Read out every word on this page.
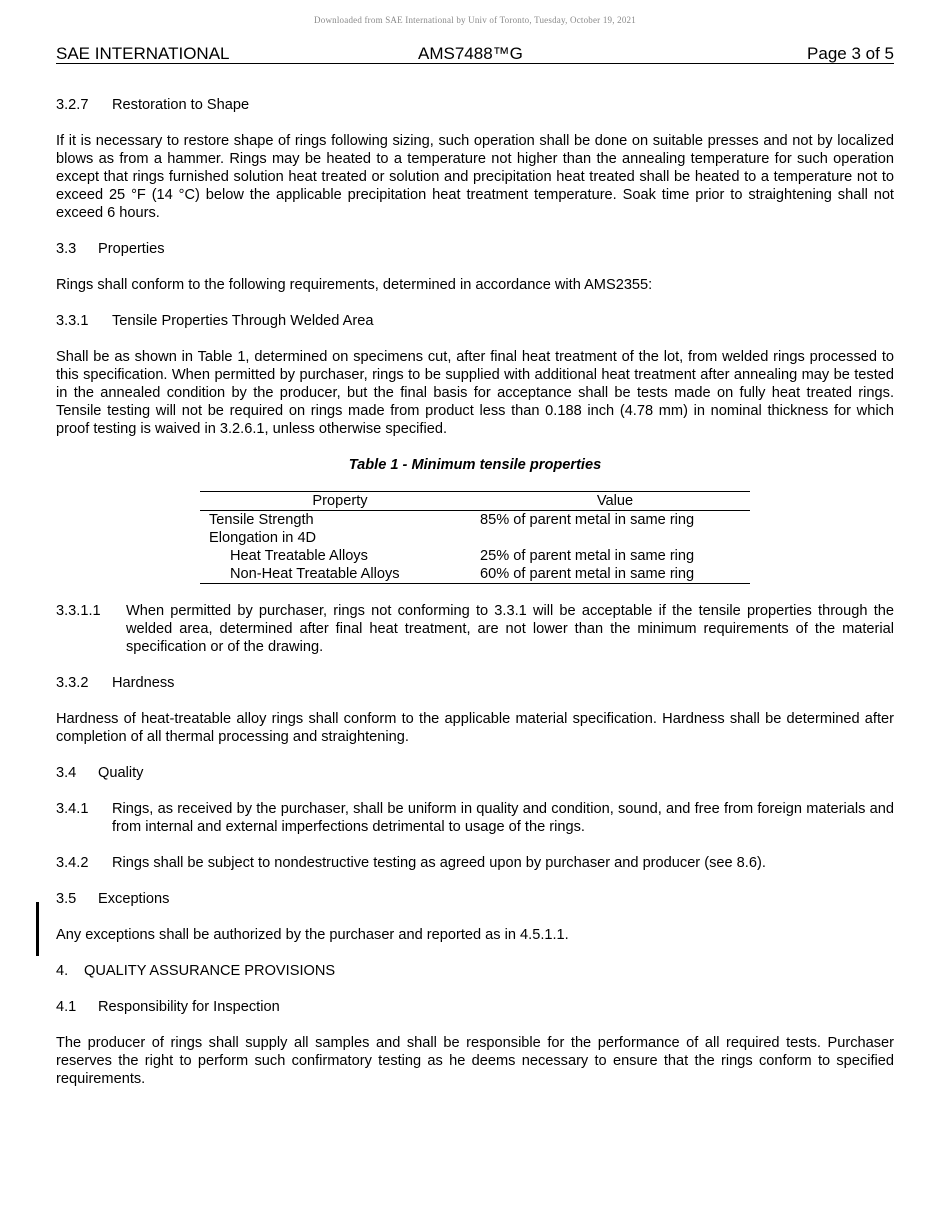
Downloaded from SAE International by Univ of Toronto, Tuesday, October 19, 2021
SAE INTERNATIONAL	AMS7488™G	Page 3 of 5
3.2.7 Restoration to Shape

If it is necessary to restore shape of rings following sizing, such operation shall be done on suitable presses and not by localized blows as from a hammer. Rings may be heated to a temperature not higher than the annealing temperature for such operation except that rings furnished solution heat treated or solution and precipitation heat treated shall be heated to a temperature not to exceed 25 °F (14 °C) below the applicable precipitation heat treatment temperature. Soak time prior to straightening shall not exceed 6 hours.

3.3 Properties

Rings shall conform to the following requirements, determined in accordance with AMS2355:

3.3.1 Tensile Properties Through Welded Area

Shall be as shown in Table 1, determined on specimens cut, after final heat treatment of the lot, from welded rings processed to this specification. When permitted by purchaser, rings to be supplied with additional heat treatment after annealing may be tested in the annealed condition by the producer, but the final basis for acceptance shall be tests made on fully heat treated rings. Tensile testing will not be required on rings made from product less than 0.188 inch (4.78 mm) in nominal thickness for which proof testing is waived in 3.2.6.1, unless otherwise specified.

Table 1 - Minimum tensile properties
Property	Value
Tensile Strength	85% of parent metal in same ring
Elongation in 4D	
Heat Treatable Alloys	25% of parent metal in same ring
Non-Heat Treatable Alloys	60% of parent metal in same ring
3.3.1.1	When permitted by purchaser, rings not conforming to 3.3.1 will be acceptable if the tensile properties through the welded area, determined after final heat treatment, are not lower than the minimum requirements of the material specification or of the drawing.
3.3.2 Hardness

Hardness of heat-treatable alloy rings shall conform to the applicable material specification. Hardness shall be determined after completion of all thermal processing and straightening.

3.4 Quality
3.4.1	Rings, as received by the purchaser, shall be uniform in quality and condition, sound, and free from foreign materials and from internal and external imperfections detrimental to usage of the rings.
3.4.2	Rings shall be subject to nondestructive testing as agreed upon by purchaser and producer (see 8.6).
3.5 Exceptions

Any exceptions shall be authorized by the purchaser and reported as in 4.5.1.1.

4. QUALITY ASSURANCE PROVISIONS
4.1 Responsibility for Inspection

The producer of rings shall supply all samples and shall be responsible for the performance of all required tests. Purchaser reserves the right to perform such confirmatory testing as he deems necessary to ensure that the rings conform to specified requirements.
